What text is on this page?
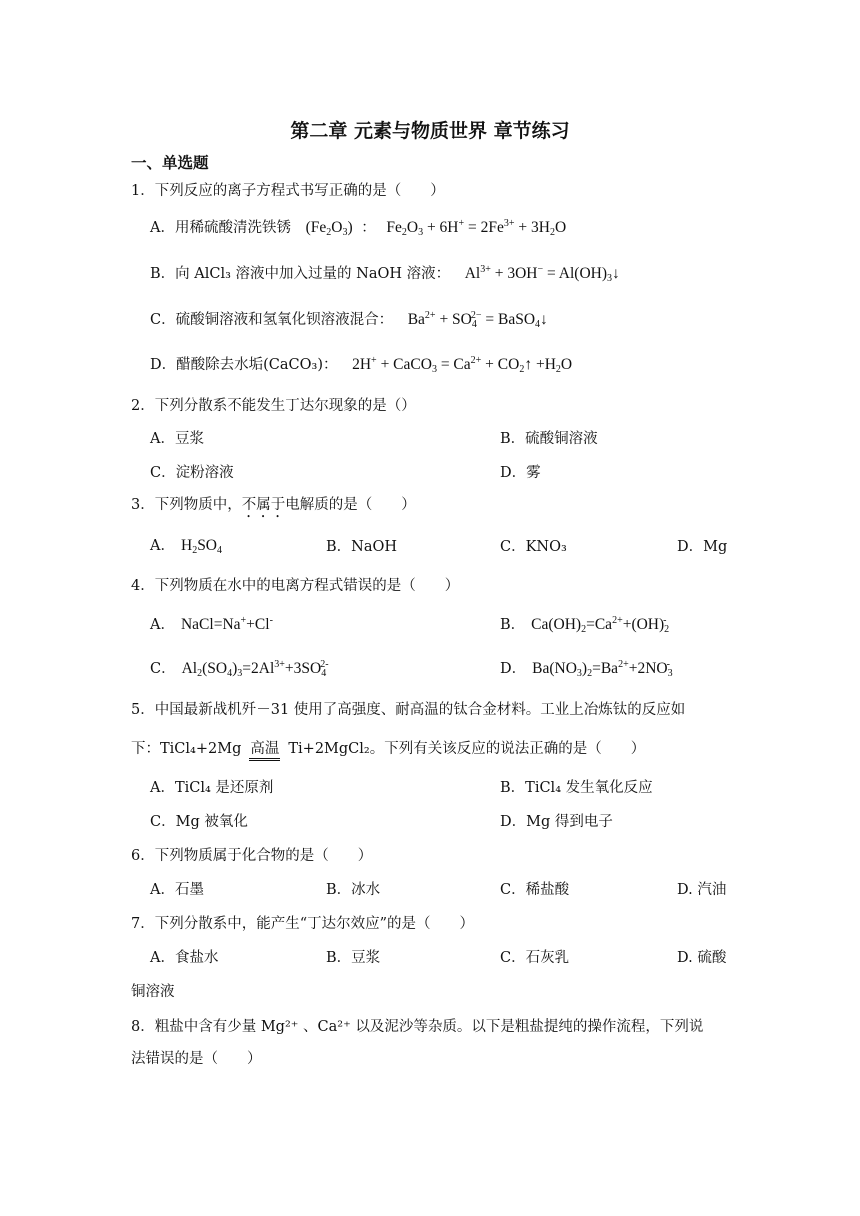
第二章 元素与物质世界 章节练习
一、单选题
1．下列反应的离子方程式书写正确的是（　　）
A．用稀硫酸清洗铁锈 $(Fe_2O_3)$ ： $Fe_2O_3 + 6H^+ = 2Fe^{3+} + 3H_2O$
B．向 AlCl₃ 溶液中加入过量的 NaOH 溶液： $Al^{3+} + 3OH^-$ = $Al(OH)_3↓$
C．硫酸铜溶液和氢氧化钡溶液混合： $Ba^{2+} + SO_4^{2-}$ = BaSO$_4$↓
D．醋酸除去水垢(CaCO₃)： 2H+ + CaCO$_3$ = $Ca^{2+}$ + $CO_2↑ +H_2O$
2．下列分散系不能发生丁达尔现象的是（）
A．豆浆	B．硫酸铜溶液
C．淀粉溶液	D．雾
3．下列物质中，不属于电解质的是（　　）
A． $H_2SO_4$	B．NaOH	C．KNO₃	D．Mg
4．下列物质在水中的电离方程式错误的是（　　）
A． NaCl=Na++Cl-	B． $Ca(OH)_2=Ca^{2+}+(OH)_2^-$
C． $Al_2(SO_4)_3=2Al^{3+}+3SO_4^{2-}$	D． $Ba(NO_3)_2=Ba^{2+}+2NO_3^-$
5．中国最新战机歼－31 使用了高强度、耐高温的钛合金材料。工业上冶炼钛的反应如
下：TiCl₄+2Mg 高温 Ti+2MgCl₂。下列有关该反应的说法正确的是（　　）
A．TiCl₄ 是还原剂	B．TiCl₄ 发生氧化反应
C．Mg 被氧化	D．Mg 得到电子
6．下列物质属于化合物的是（　　）
A．石墨	B．冰水	C．稀盐酸	D. 汽油
7．下列分散系中，能产生“丁达尔效应”的是（　　）
A．食盐水	B．豆浆	C．石灰乳	D. 硫酸
铜溶液
8．粗盐中含有少量 Mg²⁺ 、Ca²⁺ 以及泥沙等杂质。以下是粗盐提纯的操作流程，下列说
法错误的是（　　）
